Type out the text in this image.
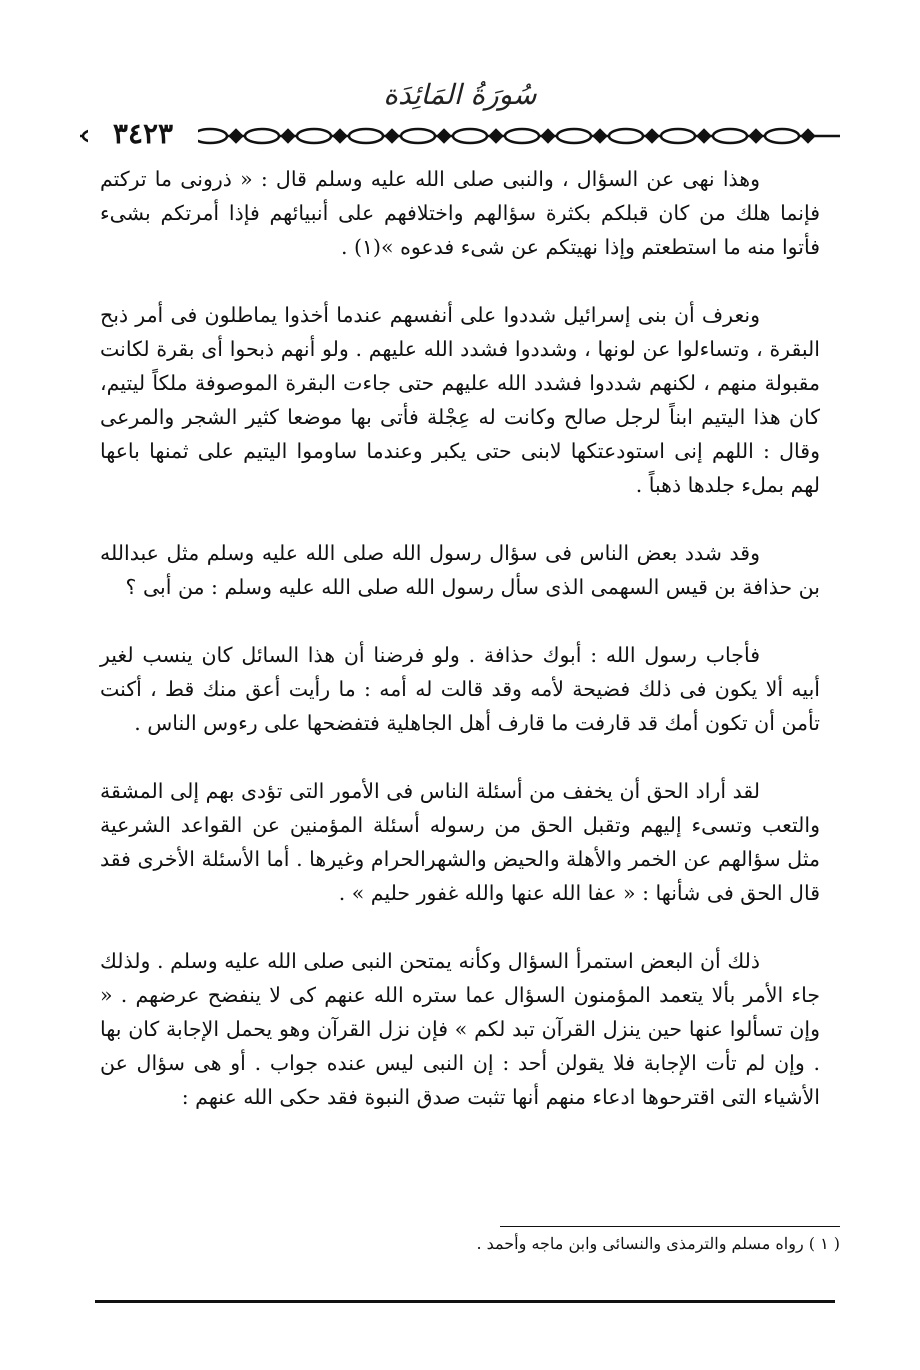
سُورَةُ المَائِدَة
٣٤٢٣

وهذا نهى عن السؤال ، والنبى صلى الله عليه وسلم قال : « ذرونى ما تركتم فإنما هلك من كان قبلكم بكثرة سؤالهم واختلافهم على أنبيائهم فإذا أمرتكم بشىء فأتوا منه ما استطعتم وإذا نهيتكم عن شىء فدعوه »(١) .

ونعرف أن بنى إسرائيل شددوا على أنفسهم عندما أخذوا يماطلون فى أمر ذبح البقرة ، وتساءلوا عن لونها ، وشددوا فشدد الله عليهم . ولو أنهم ذبحوا أى بقرة لكانت مقبولة منهم ، لكنهم شددوا فشدد الله عليهم حتى جاءت البقرة الموصوفة ملكاً ليتيم، كان هذا اليتيم ابناً لرجل صالح وكانت له عِجْلة فأتى بها موضعا كثير الشجر والمرعى وقال : اللهم إنى استودعتكها لابنى حتى يكبر وعندما ساوموا اليتيم على ثمنها باعها لهم بملء جلدها ذهباً .

وقد شدد بعض الناس فى سؤال رسول الله صلى الله عليه وسلم مثل عبدالله بن حذافة بن قيس السهمى الذى سأل رسول الله صلى الله عليه وسلم : من أبى ؟

فأجاب رسول الله : أبوك حذافة . ولو فرضنا أن هذا السائل كان ينسب لغير أبيه ألا يكون فى ذلك فضيحة لأمه وقد قالت له أمه : ما رأيت أعق منك قط ، أكنت تأمن أن تكون أمك قد قارفت ما قارف أهل الجاهلية فتفضحها على رءوس الناس .

لقد أراد الحق أن يخفف من أسئلة الناس فى الأمور التى تؤدى بهم إلى المشقة والتعب وتسىء إليهم وتقبل الحق من رسوله أسئلة المؤمنين عن القواعد الشرعية مثل سؤالهم عن الخمر والأهلة والحيض والشهرالحرام وغيرها . أما الأسئلة الأخرى فقد قال الحق فى شأنها : « عفا الله عنها والله غفور حليم » .

ذلك أن البعض استمرأ السؤال وكأنه يمتحن النبى صلى الله عليه وسلم . ولذلك جاء الأمر بألا يتعمد المؤمنون السؤال عما ستره الله عنهم كى لا ينفضح عرضهم . « وإن تسألوا عنها حين ينزل القرآن تبد لكم » فإن نزل القرآن وهو يحمل الإجابة كان بها . وإن لم تأت الإجابة فلا يقولن أحد : إن النبى ليس عنده جواب . أو هى سؤال عن الأشياء التى اقترحوها ادعاء منهم أنها تثبت صدق النبوة فقد حكى الله عنهم :

( ١ ) رواه مسلم والترمذى والنسائى وابن ماجه وأحمد .
